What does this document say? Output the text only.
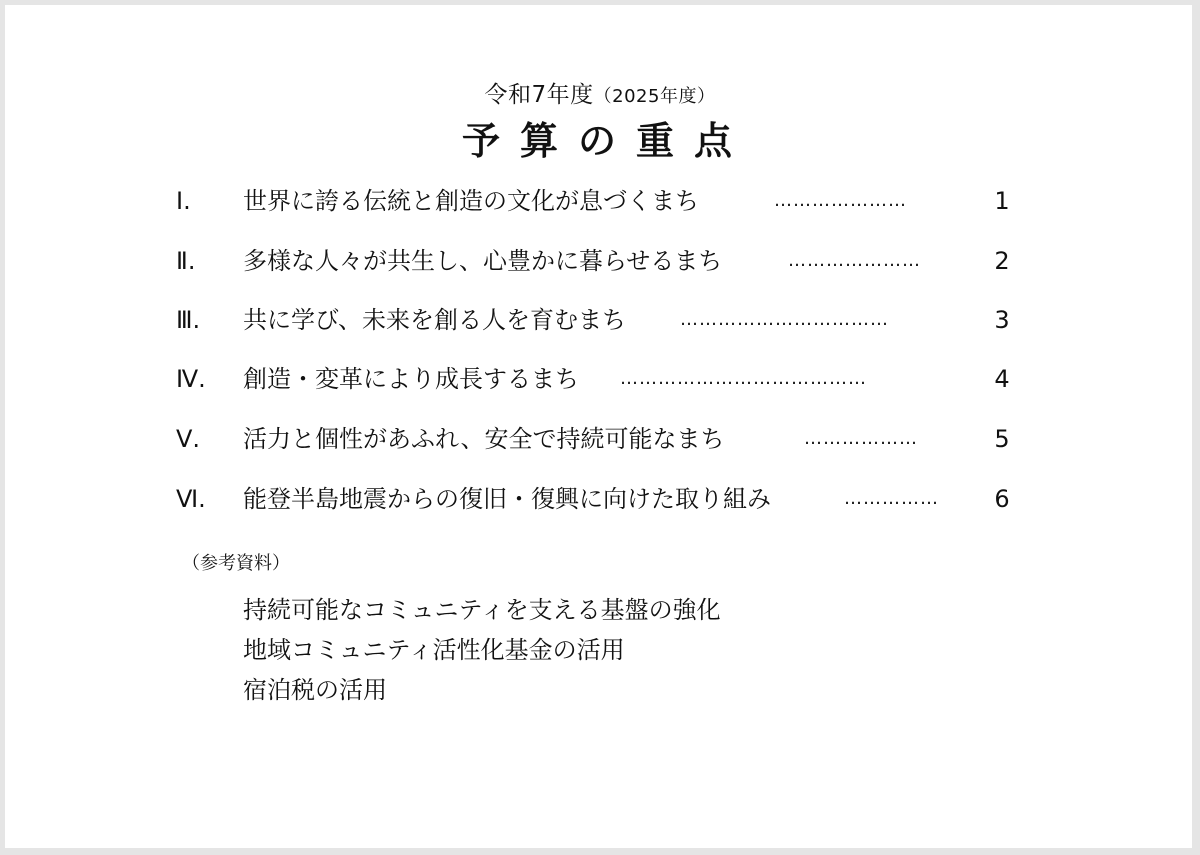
令和7年度（2025年度）
予算の重点
Ⅰ.	世界に誇る伝統と創造の文化が息づくまち	…………………	1
Ⅱ.	多様な人々が共生し、心豊かに暮らせるまち	…………………	2
Ⅲ.	共に学び、未来を創る人を育むまち	……………………………	3
Ⅳ.	創造・変革により成長するまち …………………………………	4
Ⅴ.	活力と個性があふれ、安全で持続可能なまち	………………	5
Ⅵ.	能登半島地震からの復旧・復興に向けた取り組み	……………	6
（参考資料）
持続可能なコミュニティを支える基盤の強化
地域コミュニティ活性化基金の活用
宿泊税の活用
